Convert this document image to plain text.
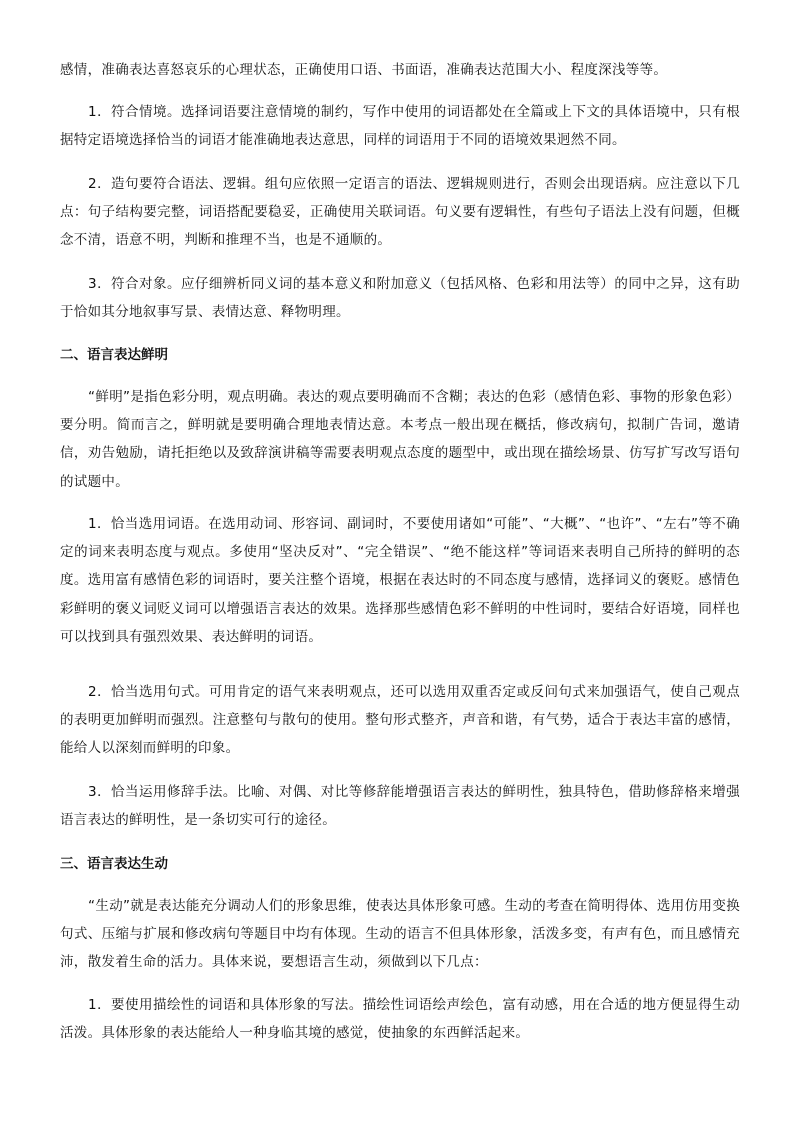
感情，准确表达喜怒哀乐的心理状态，正确使用口语、书面语，准确表达范围大小、程度深浅等等。

1．符合情境。选择词语要注意情境的制约，写作中使用的词语都处在全篇或上下文的具体语境中，只有根据特定语境选择恰当的词语才能准确地表达意思，同样的词语用于不同的语境效果迥然不同。

2．造句要符合语法、逻辑。组句应依照一定语言的语法、逻辑规则进行，否则会出现语病。应注意以下几点：句子结构要完整，词语搭配要稳妥，正确使用关联词语。句义要有逻辑性，有些句子语法上没有问题，但概念不清，语意不明，判断和推理不当，也是不通顺的。

3．符合对象。应仔细辨析同义词的基本意义和附加意义（包括风格、色彩和用法等）的同中之异，这有助于恰如其分地叙事写景、表情达意、释物明理。

二、语言表达鲜明

“鲜明”是指色彩分明，观点明确。表达的观点要明确而不含糊；表达的色彩（感情色彩、事物的形象色彩）要分明。简而言之，鲜明就是要明确合理地表情达意。本考点一般出现在概括，修改病句，拟制广告词，邀请信，劝告勉励，请托拒绝以及致辞演讲稿等需要表明观点态度的题型中，或出现在描绘场景、仿写扩写改写语句的试题中。

1．恰当选用词语。在选用动词、形容词、副词时，不要使用诸如“可能”、“大概”、“也许”、“左右”等不确定的词来表明态度与观点。多使用“坚决反对”、“完全错误”、“绝不能这样”等词语来表明自己所持的鲜明的态度。选用富有感情色彩的词语时，要关注整个语境，根据在表达时的不同态度与感情，选择词义的褒贬。感情色彩鲜明的褒义词贬义词可以增强语言表达的效果。选择那些感情色彩不鲜明的中性词时，要结合好语境，同样也可以找到具有强烈效果、表达鲜明的词语。

2．恰当选用句式。可用肯定的语气来表明观点，还可以选用双重否定或反问句式来加强语气，使自己观点的表明更加鲜明而强烈。注意整句与散句的使用。整句形式整齐，声音和谐，有气势，适合于表达丰富的感情，能给人以深刻而鲜明的印象。

3．恰当运用修辞手法。比喻、对偶、对比等修辞能增强语言表达的鲜明性，独具特色，借助修辞格来增强语言表达的鲜明性，是一条切实可行的途径。

三、语言表达生动

“生动”就是表达能充分调动人们的形象思维，使表达具体形象可感。生动的考查在简明得体、选用仿用变换句式、压缩与扩展和修改病句等题目中均有体现。生动的语言不但具体形象，活泼多变，有声有色，而且感情充沛，散发着生命的活力。具体来说，要想语言生动，须做到以下几点：

1．要使用描绘性的词语和具体形象的写法。描绘性词语绘声绘色，富有动感，用在合适的地方便显得生动活泼。具体形象的表达能给人一种身临其境的感觉，使抽象的东西鲜活起来。
